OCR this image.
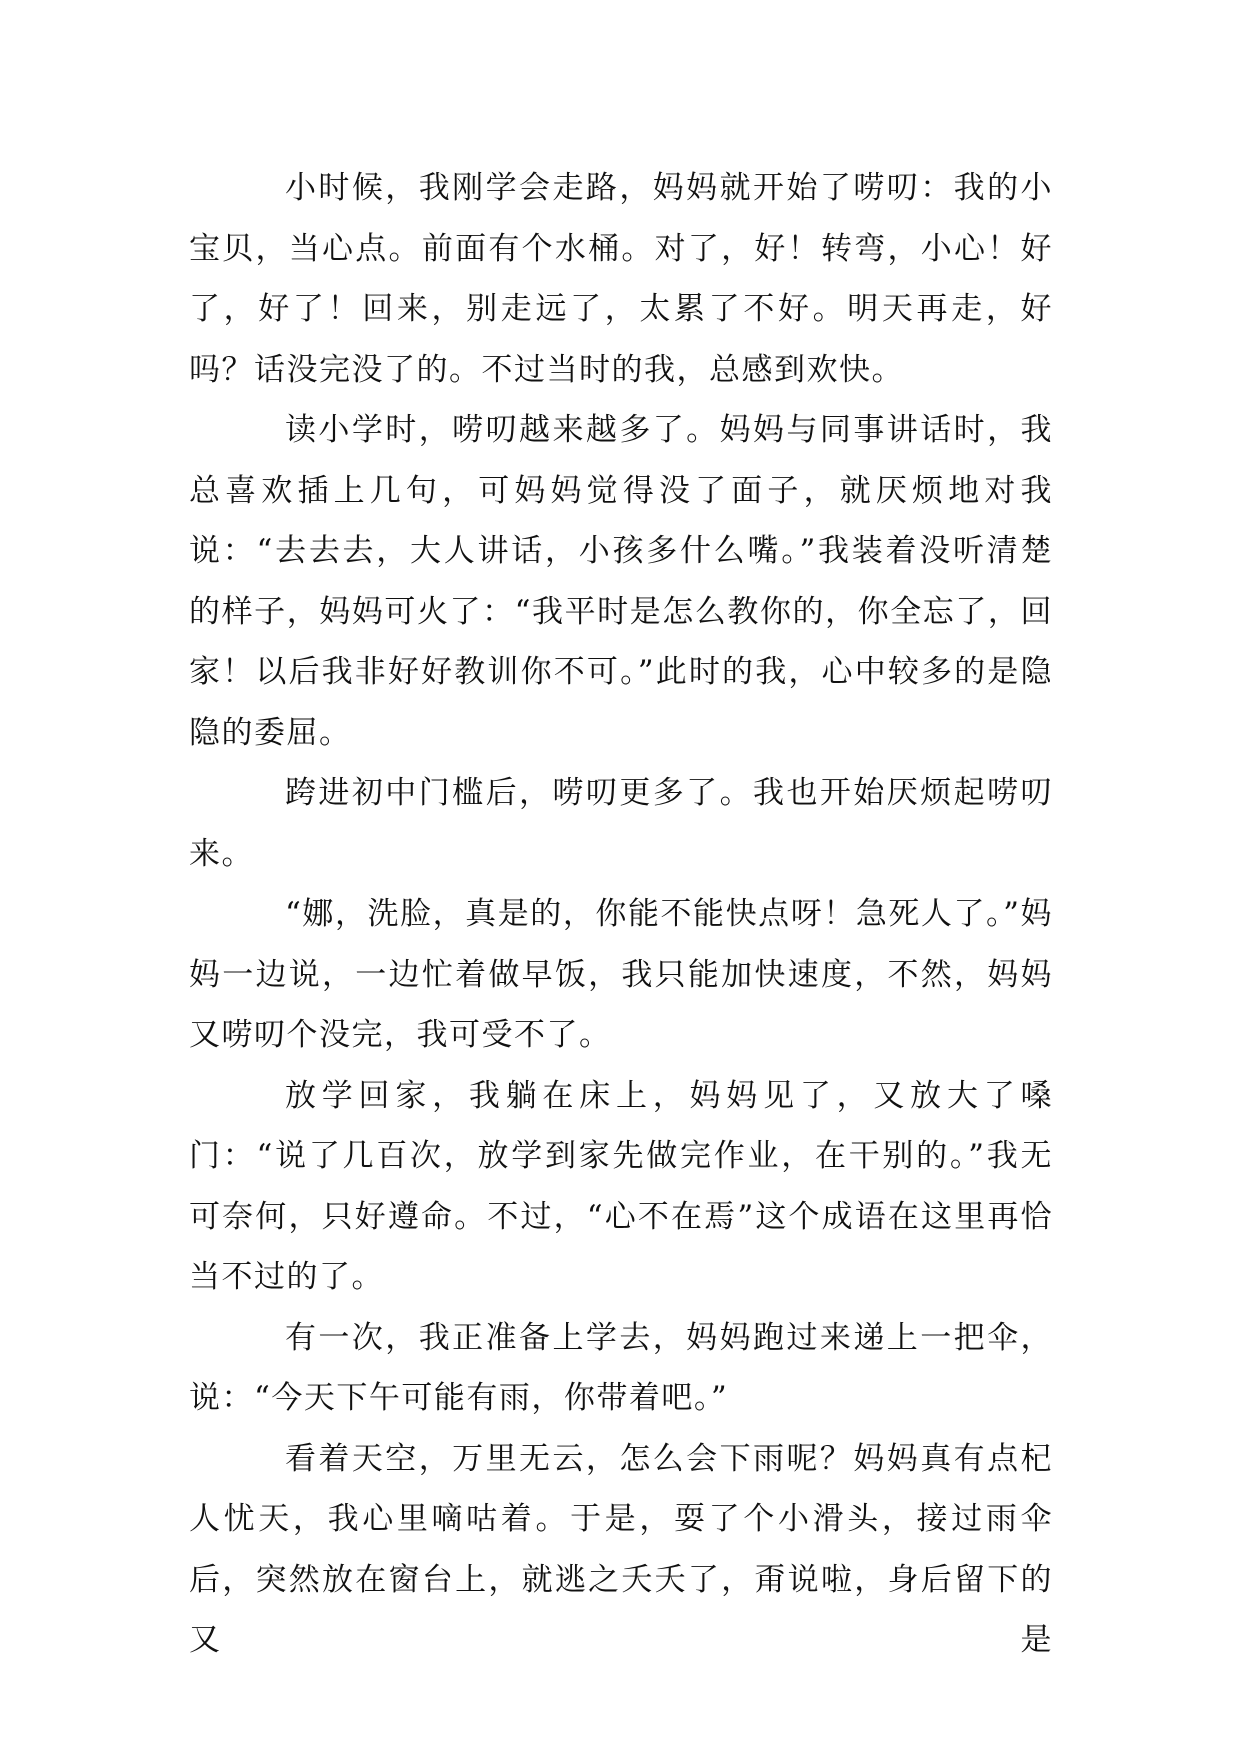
小时候，我刚学会走路，妈妈就开始了唠叨：我的小宝贝，当心点。前面有个水桶。对了，好！转弯，小心！好了，好了！回来，别走远了，太累了不好。明天再走，好吗？话没完没了的。不过当时的我，总感到欢快。

读小学时，唠叨越来越多了。妈妈与同事讲话时，我总喜欢插上几句，可妈妈觉得没了面子，就厌烦地对我说：“去去去，大人讲话，小孩多什么嘴。”我装着没听清楚的样子，妈妈可火了：“我平时是怎么教你的，你全忘了，回家！以后我非好好教训你不可。”此时的我，心中较多的是隐隐的委屈。

跨进初中门槛后，唠叨更多了。我也开始厌烦起唠叨来。

“娜，洗脸，真是的，你能不能快点呀！急死人了。”妈妈一边说，一边忙着做早饭，我只能加快速度，不然，妈妈又唠叨个没完，我可受不了。

放学回家，我躺在床上，妈妈见了，又放大了嗓门：“说了几百次，放学到家先做完作业，在干别的。”我无可奈何，只好遵命。不过，“心不在焉”这个成语在这里再恰当不过的了。

有一次，我正准备上学去，妈妈跑过来递上一把伞，说：“今天下午可能有雨，你带着吧。”

看着天空，万里无云，怎么会下雨呢？妈妈真有点杞人忧天，我心里嘀咕着。于是，耍了个小滑头，接过雨伞后，突然放在窗台上，就逃之夭夭了，甭说啦，身后留下的又是
